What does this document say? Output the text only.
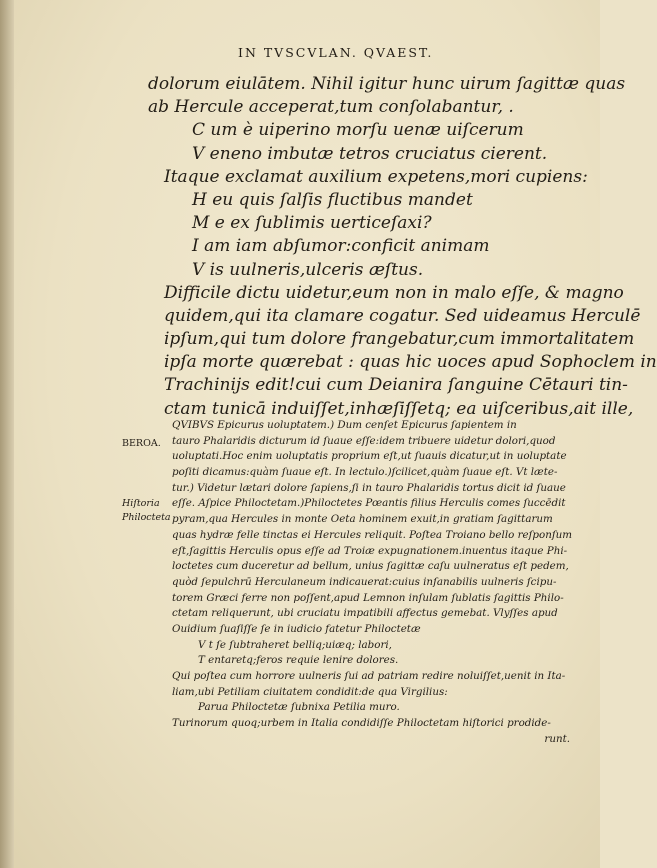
IN TVSCVLAN. QVAEST.
dolorum eiulātem. Nihil igitur hunc uirum ſagittæ quas
ab Hercule acceperat,tum conſolabantur, .
C um è uiperino morſu uenæ uiſcerum
V eneno imbutæ tetros cruciatus cierent.
Itaque exclamat auxilium expetens,mori cupiens:
H eu quis ſalſis fluctibus mandet
M e ex ſublimis uerticeſaxi?
I am iam abſumor:conficit animam
V is uulneris,ulceris æſtus.
Difficile dictu uidetur,eum non in malo eſſe, & magno
quidem,qui ita clamare cogatur. Sed uideamus Herculē
ipſum,qui tum dolore frangebatur,cum immortalitatem
ipſa morte quærebat : quas hic uoces apud Sophoclem in
Trachinijs edit!cui cum Deianira ſanguine Cētauri tin-
ctam tunicā induiſſet,inhæſiſſetq; ea uiſceribus,ait ille,
BEROA.
Hiſtoria
Philocteta
QVIBVS Epicurus uoluptatem.) Dum cenſet Epicurus ſapientem in
tauro Phalaridis dicturum id ſuaue eſſe:idem tribuere uidetur dolori,quod
uoluptati.Hoc enim uoluptatis proprium eſt,ut ſuauis dicatur,ut in uoluptate
poſiti dicamus:quàm ſuaue eſt. In lectulo.)ſcilicet,quàm ſuaue eſt. Vt læte-
tur.) Videtur lætari dolore ſapiens,ſi in tauro Phalaridis tortus dicit id ſuaue
eſſe. Aſpice Philoctetam.)Philoctetes Pœantis filius Herculis comes ſuccēdit
pyram,qua Hercules in monte Oeta hominem exuit,in gratiam ſagittarum
quas hydræ felle tinctas ei Hercules reliquit. Poſtea Troiano bello reſponſum
eſt,ſagittis Herculis opus eſſe ad Troiæ expugnationem.inuentus itaque Phi-
loctetes cum duceretur ad bellum, unius ſagittæ caſu uulneratus eſt pedem,
quòd ſepulchrū Herculaneum indicauerat:cuius inſanabilis uulneris ſcipu-
torem Græci ferre non poſſent,apud Lemnon inſulam ſublatis ſagittis Philo-
ctetam reliquerunt, ubi cruciatu impatibili affectus gemebat. Vlyſſes apud
Ouidium ſuaſiſſe ſe in iudicio fatetur Philoctetæ
V t ſe ſubtraheret belliq;uiæq; labori,
T entaretq;feros requie lenire dolores.
Qui poſtea cum horrore uulneris ſui ad patriam redire noluiſſet,uenit in Ita-
liam,ubi Petiliam ciuitatem condidit:de qua Virgilius:
Parua Philoctetæ ſubnixa Petilia muro.
Turinorum quoq;urbem in Italia condidiſſe Philoctetam hiſtorici prodide-
runt.
